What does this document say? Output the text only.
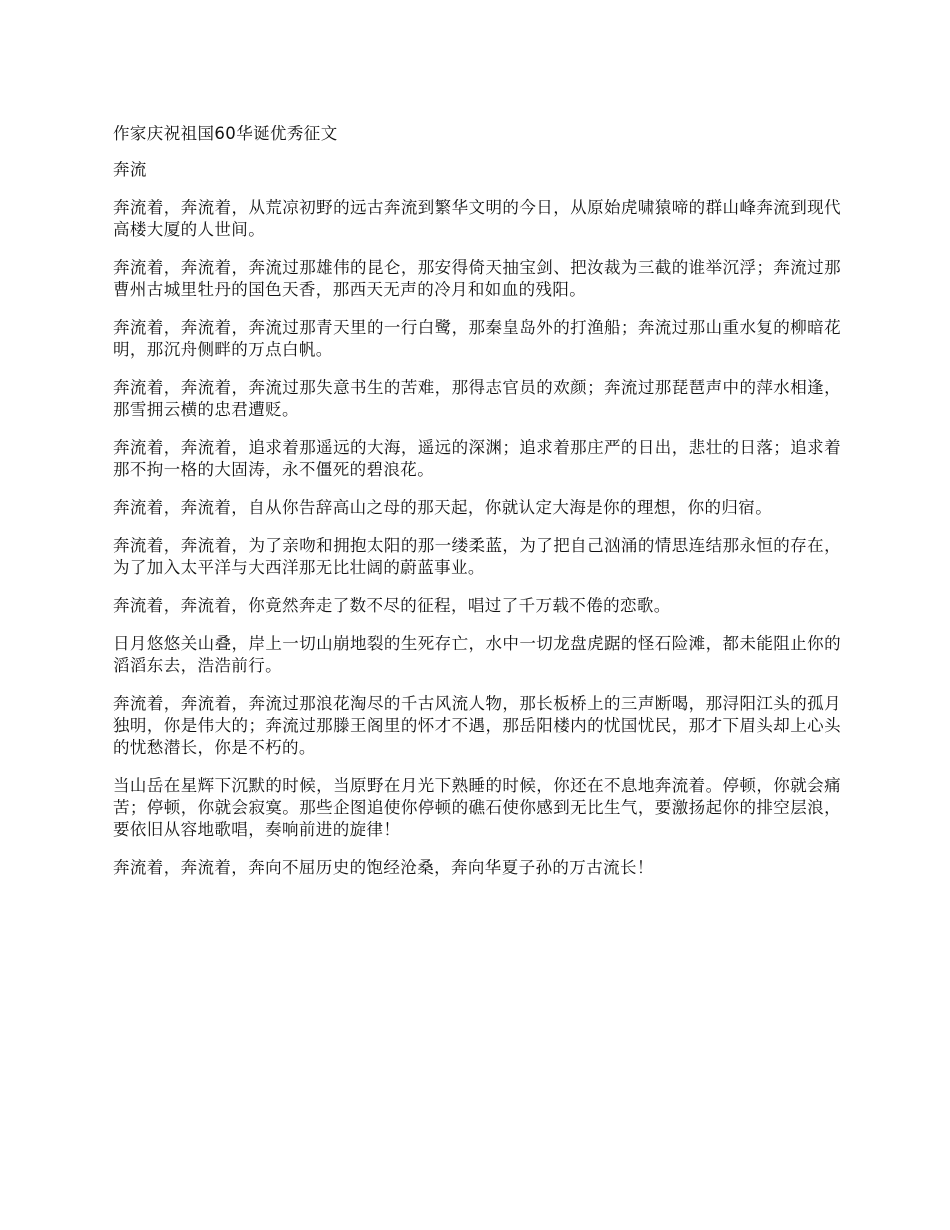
作家庆祝祖国60华诞优秀征文

奔流

奔流着，奔流着，从荒凉初野的远古奔流到繁华文明的今日，从原始虎啸猿啼的群山峰奔流到现代高楼大厦的人世间。

奔流着，奔流着，奔流过那雄伟的昆仑，那安得倚天抽宝剑、把汝裁为三截的谁举沉浮；奔流过那曹州古城里牡丹的国色天香，那西天无声的冷月和如血的残阳。

奔流着，奔流着，奔流过那青天里的一行白鹭，那秦皇岛外的打渔船；奔流过那山重水复的柳暗花明，那沉舟侧畔的万点白帆。

奔流着，奔流着，奔流过那失意书生的苦难，那得志官员的欢颜；奔流过那琵琶声中的萍水相逢，那雪拥云横的忠君遭贬。

奔流着，奔流着，追求着那遥远的大海，遥远的深渊；追求着那庄严的日出，悲壮的日落；追求着那不拘一格的大固涛，永不僵死的碧浪花。

奔流着，奔流着，自从你告辞高山之母的那天起，你就认定大海是你的理想，你的归宿。

奔流着，奔流着，为了亲吻和拥抱太阳的那一缕柔蓝，为了把自己汹涌的情思连结那永恒的存在，为了加入太平洋与大西洋那无比壮阔的蔚蓝事业。

奔流着，奔流着，你竟然奔走了数不尽的征程，唱过了千万载不倦的恋歌。

日月悠悠关山叠，岸上一切山崩地裂的生死存亡，水中一切龙盘虎踞的怪石险滩，都未能阻止你的滔滔东去，浩浩前行。

奔流着，奔流着，奔流过那浪花淘尽的千古风流人物，那长板桥上的三声断喝，那浔阳江头的孤月独明，你是伟大的；奔流过那滕王阁里的怀才不遇，那岳阳楼内的忧国忧民，那才下眉头却上心头的忧愁潜长，你是不朽的。

当山岳在星辉下沉默的时候，当原野在月光下熟睡的时候，你还在不息地奔流着。停顿，你就会痛苦；停顿，你就会寂寞。那些企图追使你停顿的礁石使你感到无比生气，要激扬起你的排空层浪，要依旧从容地歌唱，奏响前进的旋律！

奔流着，奔流着，奔向不屈历史的饱经沧桑，奔向华夏子孙的万古流长！
